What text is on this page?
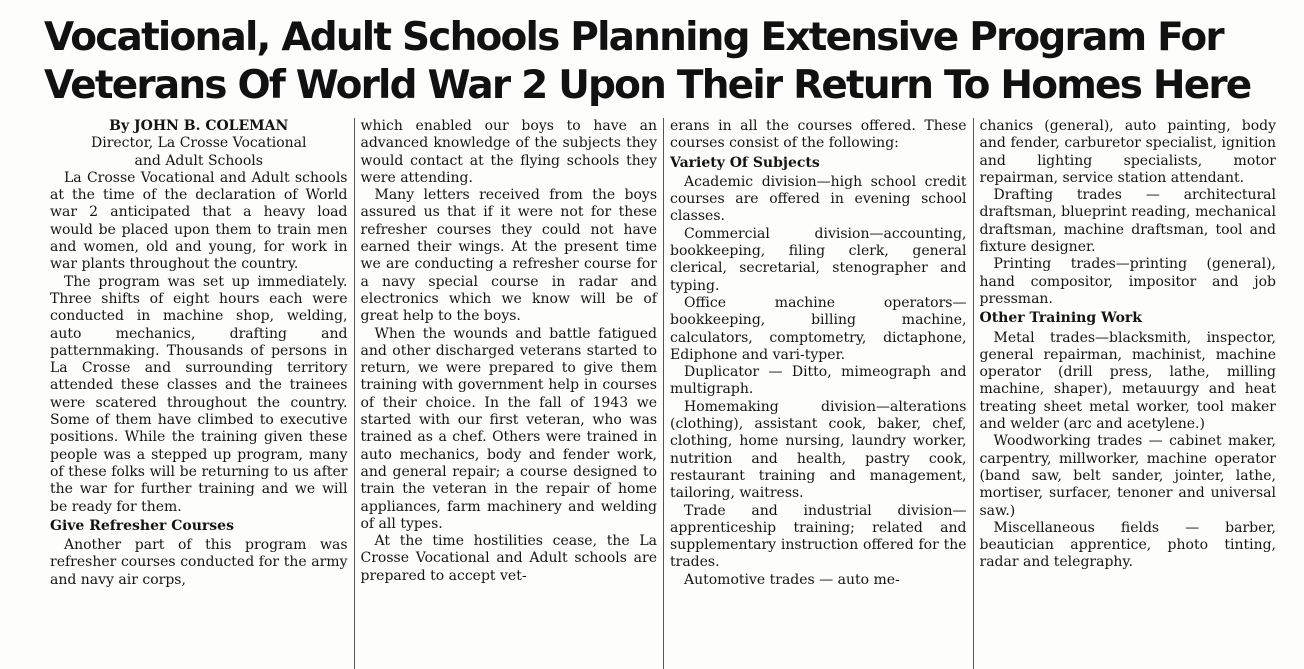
Vocational, Adult Schools Planning Extensive Program For
Veterans Of World War 2 Upon Their Return To Homes Here
By JOHN B. COLEMAN
Director, La Crosse Vocational
and Adult Schools

La Crosse Vocational and Adult schools at the time of the declaration of World war 2 anticipated that a heavy load would be placed upon them to train men and women, old and young, for work in war plants throughout the country.

The program was set up immediately. Three shifts of eight hours each were conducted in machine shop, welding, auto mechanics, drafting and patternmaking. Thousands of persons in La Crosse and surrounding territory attended these classes and the trainees were scatered throughout the country. Some of them have climbed to executive positions. While the training given these people was a stepped up program, many of these folks will be returning to us after the war for further training and we will be ready for them.

Give Refresher Courses

Another part of this program was refresher courses conducted for the army and navy air corps,

which enabled our boys to have an advanced knowledge of the subjects they would contact at the flying schools they were attending.

Many letters received from the boys assured us that if it were not for these refresher courses they could not have earned their wings. At the present time we are conducting a refresher course for a navy special course in radar and electronics which we know will be of great help to the boys.

When the wounds and battle fatigued and other discharged veterans started to return, we were prepared to give them training with government help in courses of their choice. In the fall of 1943 we started with our first veteran, who was trained as a chef. Others were trained in auto mechanics, body and fender work, and general repair; a course designed to train the veteran in the repair of home appliances, farm machinery and welding of all types.

At the time hostilities cease, the La Crosse Vocational and Adult schools are prepared to accept vet-

erans in all the courses offered. These courses consist of the following:

Variety Of Subjects

Academic division—high school credit courses are offered in evening school classes.

Commercial division—accounting, bookkeeping, filing clerk, general clerical, secretarial, stenographer and typing.

Office machine operators—bookkeeping, billing machine, calculators, comptometry, dictaphone, Ediphone and vari-typer.

Duplicator — Ditto, mimeograph and multigraph.

Homemaking division—alterations (clothing), assistant cook, baker, chef, clothing, home nursing, laundry worker, nutrition and health, pastry cook, restaurant training and management, tailoring, waitress.

Trade and industrial division—apprenticeship training; related and supplementary instruction offered for the trades.

Automotive trades — auto me-

chanics (general), auto painting, body and fender, carburetor specialist, ignition and lighting specialists, motor repairman, service station attendant.

Drafting trades — architectural draftsman, blueprint reading, mechanical draftsman, machine draftsman, tool and fixture designer.

Printing trades—printing (general), hand compositor, impositor and job pressman.

Other Training Work

Metal trades—blacksmith, inspector, general repairman, machinist, machine operator (drill press, lathe, milling machine, shaper), metauurgy and heat treating sheet metal worker, tool maker and welder (arc and acetylene.)

Woodworking trades — cabinet maker, carpentry, millworker, machine operator (band saw, belt sander, jointer, lathe, mortiser, surfacer, tenoner and universal saw.)

Miscellaneous fields — barber, beautician apprentice, photo tinting, radar and telegraphy.
